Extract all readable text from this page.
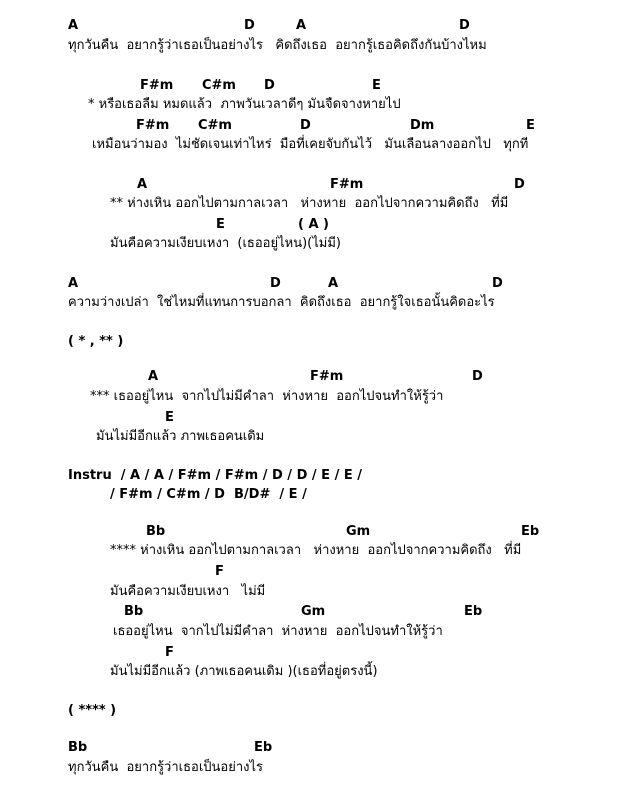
A	D	A	D
ทุกวันคืน  อยากรู้ว่าเธอเป็นอย่างไร   คิดถึงเธอ  อยากรู้เธอคิดถึงกันบ้างไหม
F#m C#m D	E
* หรือเธอลืม หมดแล้ว  ภาพวันเวลาดีๆ มันจืดจางหายไป
F#m C#m	D	Dm	E
เหมือนว่ามอง  ไม่ชัดเจนเท่าไหร่  มือที่เคยจับกันไว้   มันเลือนลางออกไป   ทุกที
A	F#m	D
** ห่างเหิน ออกไปตามกาลเวลา   ห่างหาย  ออกไปจากความคิดถึง   ที่มี
E	( A )
มันคือความเงียบเหงา  (เธออยู่ไหน)(ไม่มี)
A	D	A	D
ความว่างเปล่า  ใช่ไหมที่แทนการบอกลา  คิดถึงเธอ  อยากรู้ใจเธอนั้นคิดอะไร
( * , ** )
A	F#m	D
*** เธออยู่ไหน  จากไปไม่มีคำลา  ห่างหาย  ออกไปจนทำให้รู้ว่า
E
มันไม่มีอีกแล้ว ภาพเธอคนเดิม
Instru  / A / A / F#m / F#m / D / D / E / E /
/ F#m / C#m / D  B/D#  / E /
Bb	Gm	Eb
**** ห่างเหิน ออกไปตามกาลเวลา   ห่างหาย  ออกไปจากความคิดถึง   ที่มี
F
มันคือความเงียบเหงา   ไม่มี
Bb	Gm	Eb
เธออยู่ไหน  จากไปไม่มีคำลา  ห่างหาย  ออกไปจนทำให้รู้ว่า
F
มันไม่มีอีกแล้ว (ภาพเธอคนเดิม )(เธอที่อยู่ตรงนี้)
( **** )
Bb	Eb
ทุกวันคืน  อยากรู้ว่าเธอเป็นอย่างไร
